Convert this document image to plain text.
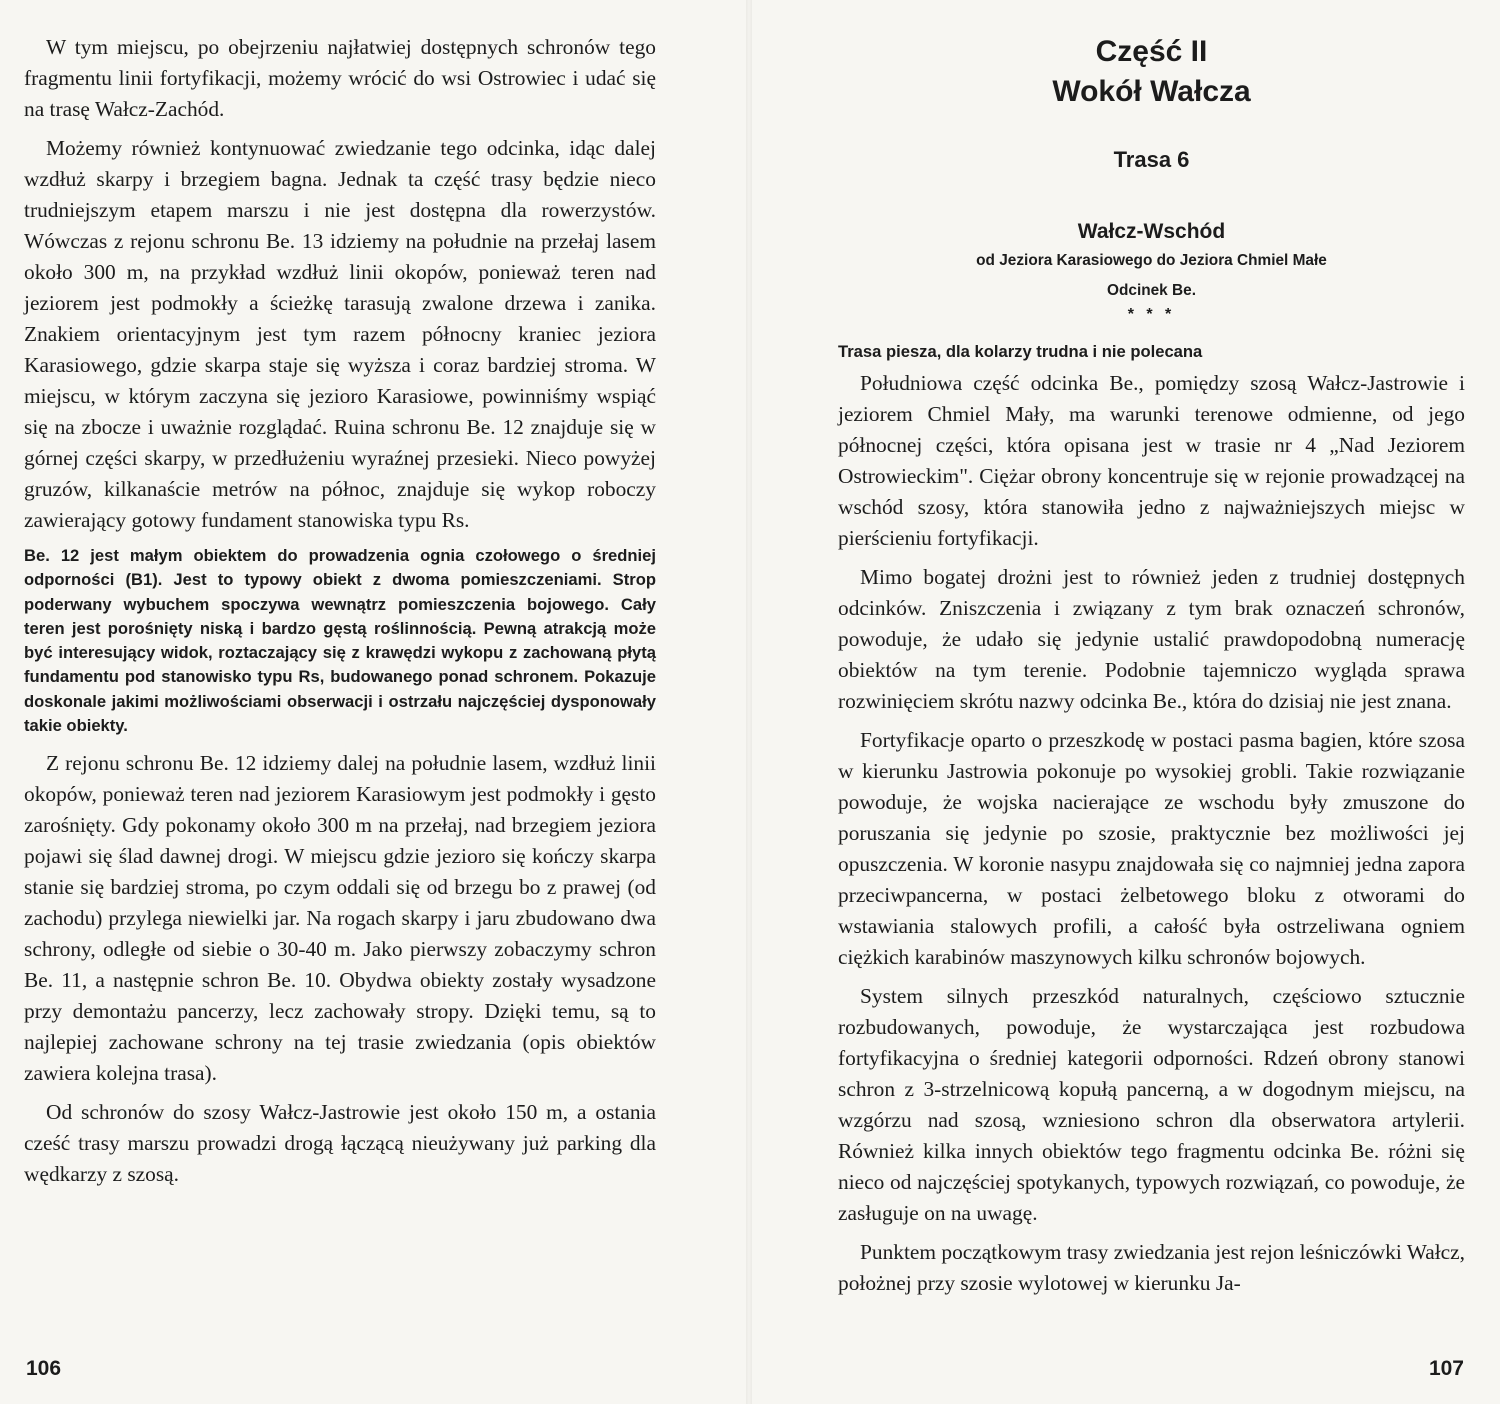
W tym miejscu, po obejrzeniu najłatwiej dostępnych schronów tego fragmentu linii fortyfikacji, możemy wrócić do wsi Ostrowiec i udać się na trasę Wałcz-Zachód.

Możemy również kontynuować zwiedzanie tego odcinka, idąc dalej wzdłuż skarpy i brzegiem bagna. Jednak ta część trasy będzie nieco trudniejszym etapem marszu i nie jest dostępna dla rowerzystów. Wówczas z rejonu schronu Be. 13 idziemy na południe na przełaj lasem około 300 m, na przykład wzdłuż linii okopów, ponieważ teren nad jeziorem jest podmokły a ścieżkę tarasują zwalone drzewa i zanika. Znakiem orientacyjnym jest tym razem północny kraniec jeziora Karasiowego, gdzie skarpa staje się wyższa i coraz bardziej stroma. W miejscu, w którym zaczyna się jezioro Karasiowe, powinniśmy wspiąć się na zbocze i uważnie rozglądać. Ruina schronu Be. 12 znajduje się w górnej części skarpy, w przedłużeniu wyraźnej przesieki. Nieco powyżej gruzów, kilkanaście metrów na północ, znajduje się wykop roboczy zawierający gotowy fundament stanowiska typu Rs.

Be. 12 jest małym obiektem do prowadzenia ognia czołowego o średniej odporności (B1). Jest to typowy obiekt z dwoma pomieszczeniami. Strop poderwany wybuchem spoczywa wewnątrz pomieszczenia bojowego. Cały teren jest porośnięty niską i bardzo gęstą roślinnością. Pewną atrakcją może być interesujący widok, roztaczający się z krawędzi wykopu z zachowaną płytą fundamentu pod stanowisko typu Rs, budowanego ponad schronem. Pokazuje doskonale jakimi możliwościami obserwacji i ostrzału najczęściej dysponowały takie obiekty.

Z rejonu schronu Be. 12 idziemy dalej na południe lasem, wzdłuż linii okopów, ponieważ teren nad jeziorem Karasiowym jest podmokły i gęsto zarośnięty. Gdy pokonamy około 300 m na przełaj, nad brzegiem jeziora pojawi się ślad dawnej drogi. W miejscu gdzie jezioro się kończy skarpa stanie się bardziej stroma, po czym oddali się od brzegu bo z prawej (od zachodu) przylega niewielki jar. Na rogach skarpy i jaru zbudowano dwa schrony, odległe od siebie o 30-40 m. Jako pierwszy zobaczymy schron Be. 11, a następnie schron Be. 10. Obydwa obiekty zostały wysadzone przy demontażu pancerzy, lecz zachowały stropy. Dzięki temu, są to najlepiej zachowane schrony na tej trasie zwiedzania (opis obiektów zawiera kolejna trasa).

Od schronów do szosy Wałcz-Jastrowie jest około 150 m, a ostania cześć trasy marszu prowadzi drogą łączącą nieużywany już parking dla wędkarzy z szosą.

106

Część II

Wokół Wałcza

Trasa 6

Wałcz-Wschód

od Jeziora Karasiowego do Jeziora Chmiel Małe

Odcinek Be.

* * *

Trasa piesza, dla kolarzy trudna i nie polecana

Południowa część odcinka Be., pomiędzy szosą Wałcz-Jastrowie i jeziorem Chmiel Mały, ma warunki terenowe odmienne, od jego północnej części, która opisana jest w trasie nr 4 „Nad Jeziorem Ostrowieckim". Ciężar obrony koncentruje się w rejonie prowadzącej na wschód szosy, która stanowiła jedno z najważniejszych miejsc w pierścieniu fortyfikacji.

Mimo bogatej drożni jest to również jeden z trudniej dostępnych odcinków. Zniszczenia i związany z tym brak oznaczeń schronów, powoduje, że udało się jedynie ustalić prawdopodobną numerację obiektów na tym terenie. Podobnie tajemniczo wygląda sprawa rozwinięciem skrótu nazwy odcinka Be., która do dzisiaj nie jest znana.

Fortyfikacje oparto o przeszkodę w postaci pasma bagien, które szosa w kierunku Jastrowia pokonuje po wysokiej grobli. Takie rozwiązanie powoduje, że wojska nacierające ze wschodu były zmuszone do poruszania się jedynie po szosie, praktycznie bez możliwości jej opuszczenia. W koronie nasypu znajdowała się co najmniej jedna zapora przeciwpancerna, w postaci żelbetowego bloku z otworami do wstawiania stalowych profili, a całość była ostrzeliwana ogniem ciężkich karabinów maszynowych kilku schronów bojowych.

System silnych przeszkód naturalnych, częściowo sztucznie rozbudowanych, powoduje, że wystarczająca jest rozbudowa fortyfikacyjna o średniej kategorii odporności. Rdzeń obrony stanowi schron z 3-strzelnicową kopułą pancerną, a w dogodnym miejscu, na wzgórzu nad szosą, wzniesiono schron dla obserwatora artylerii. Również kilka innych obiektów tego fragmentu odcinka Be. różni się nieco od najczęściej spotykanych, typowych rozwiązań, co powoduje, że zasługuje on na uwagę.

Punktem początkowym trasy zwiedzania jest rejon leśniczówki Wałcz, położnej przy szosie wylotowej w kierunku Ja-

107
